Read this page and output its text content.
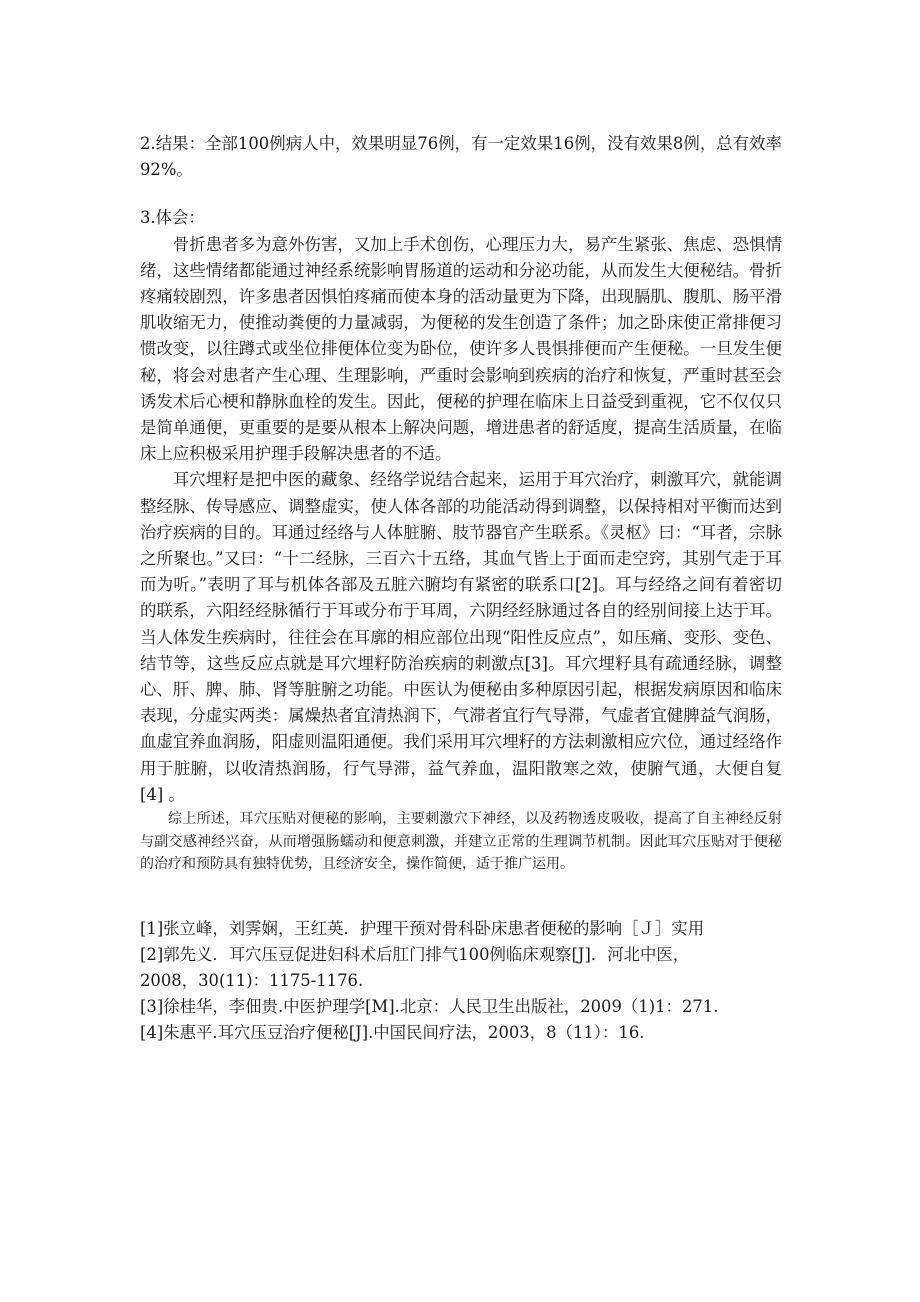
2.结果：全部100例病人中，效果明显76例，有一定效果16例，没有效果8例，总有效率92%。

3.体会：

骨折患者多为意外伤害，又加上手术创伤，心理压力大，易产生紧张、焦虑、恐惧情绪，这些情绪都能通过神经系统影响胃肠道的运动和分泌功能，从而发生大便秘结。骨折疼痛较剧烈，许多患者因惧怕疼痛而使本身的活动量更为下降，出现膈肌、腹肌、肠平滑肌收缩无力，使推动粪便的力量减弱，为便秘的发生创造了条件；加之卧床使正常排便习惯改变，以往蹲式或坐位排便体位变为卧位，使许多人畏惧排便而产生便秘。一旦发生便秘，将会对患者产生心理、生理影响，严重时会影响到疾病的治疗和恢复，严重时甚至会诱发术后心梗和静脉血栓的发生。因此，便秘的护理在临床上日益受到重视，它不仅仅只是简单通便，更重要的是要从根本上解决问题，增进患者的舒适度，提高生活质量，在临床上应积极采用护理手段解决患者的不适。

耳穴埋籽是把中医的藏象、经络学说结合起来，运用于耳穴治疗，刺激耳穴，就能调整经脉、传导感应、调整虚实，使人体各部的功能活动得到调整，以保持相对平衡而达到治疗疾病的目的。耳通过经络与人体脏腑、肢节器官产生联系。《灵枢》曰：“耳者，宗脉之所聚也。”又曰：“十二经脉，三百六十五络，其血气皆上于面而走空窍，其别气走于耳而为听。”表明了耳与机体各部及五脏六腑均有紧密的联系口[2]。耳与经络之间有着密切的联系，六阳经经脉循行于耳或分布于耳周，六阴经经脉通过各自的经别间接上达于耳。当人体发生疾病时，往往会在耳廓的相应部位出现“阳性反应点”，如压痛、变形、变色、结节等，这些反应点就是耳穴埋籽防治疾病的刺激点[3]。耳穴埋籽具有疏通经脉，调整心、肝、脾、肺、肾等脏腑之功能。中医认为便秘由多种原因引起，根据发病原因和临床表现，分虚实两类：属燥热者宜清热润下，气滞者宜行气导滞，气虚者宜健脾益气润肠，血虚宜养血润肠，阳虚则温阳通便。我们采用耳穴埋籽的方法刺激相应穴位，通过经络作用于脏腑，以收清热润肠，行气导滞，益气养血，温阳散寒之效，使腑气通，大便自复[4] 。

综上所述，耳穴压贴对便秘的影响，主要刺激穴下神经，以及药物透皮吸收，提高了自主神经反射与副交感神经兴奋，从而增强肠蠕动和便意刺激，并建立正常的生理调节机制。因此耳穴压贴对于便秘的治疗和预防具有独特优势，且经济安全，操作简便，适于推广运用。

[1]张立峰，刘霁娴，王红英．护理干预对骨科卧床患者便秘的影响［Ｊ］实用

[2]郭先义．耳穴压豆促进妇科术后肛门排气100例临床观察[J]．河北中医，

2008，30(11)：1175-1176.

[3]徐桂华，李佃贵.中医护理学[M].北京：人民卫生出版社，2009（1)1：271.

[4]朱惠平.耳穴压豆治疗便秘[J].中国民间疗法，2003，8（11）：16.
